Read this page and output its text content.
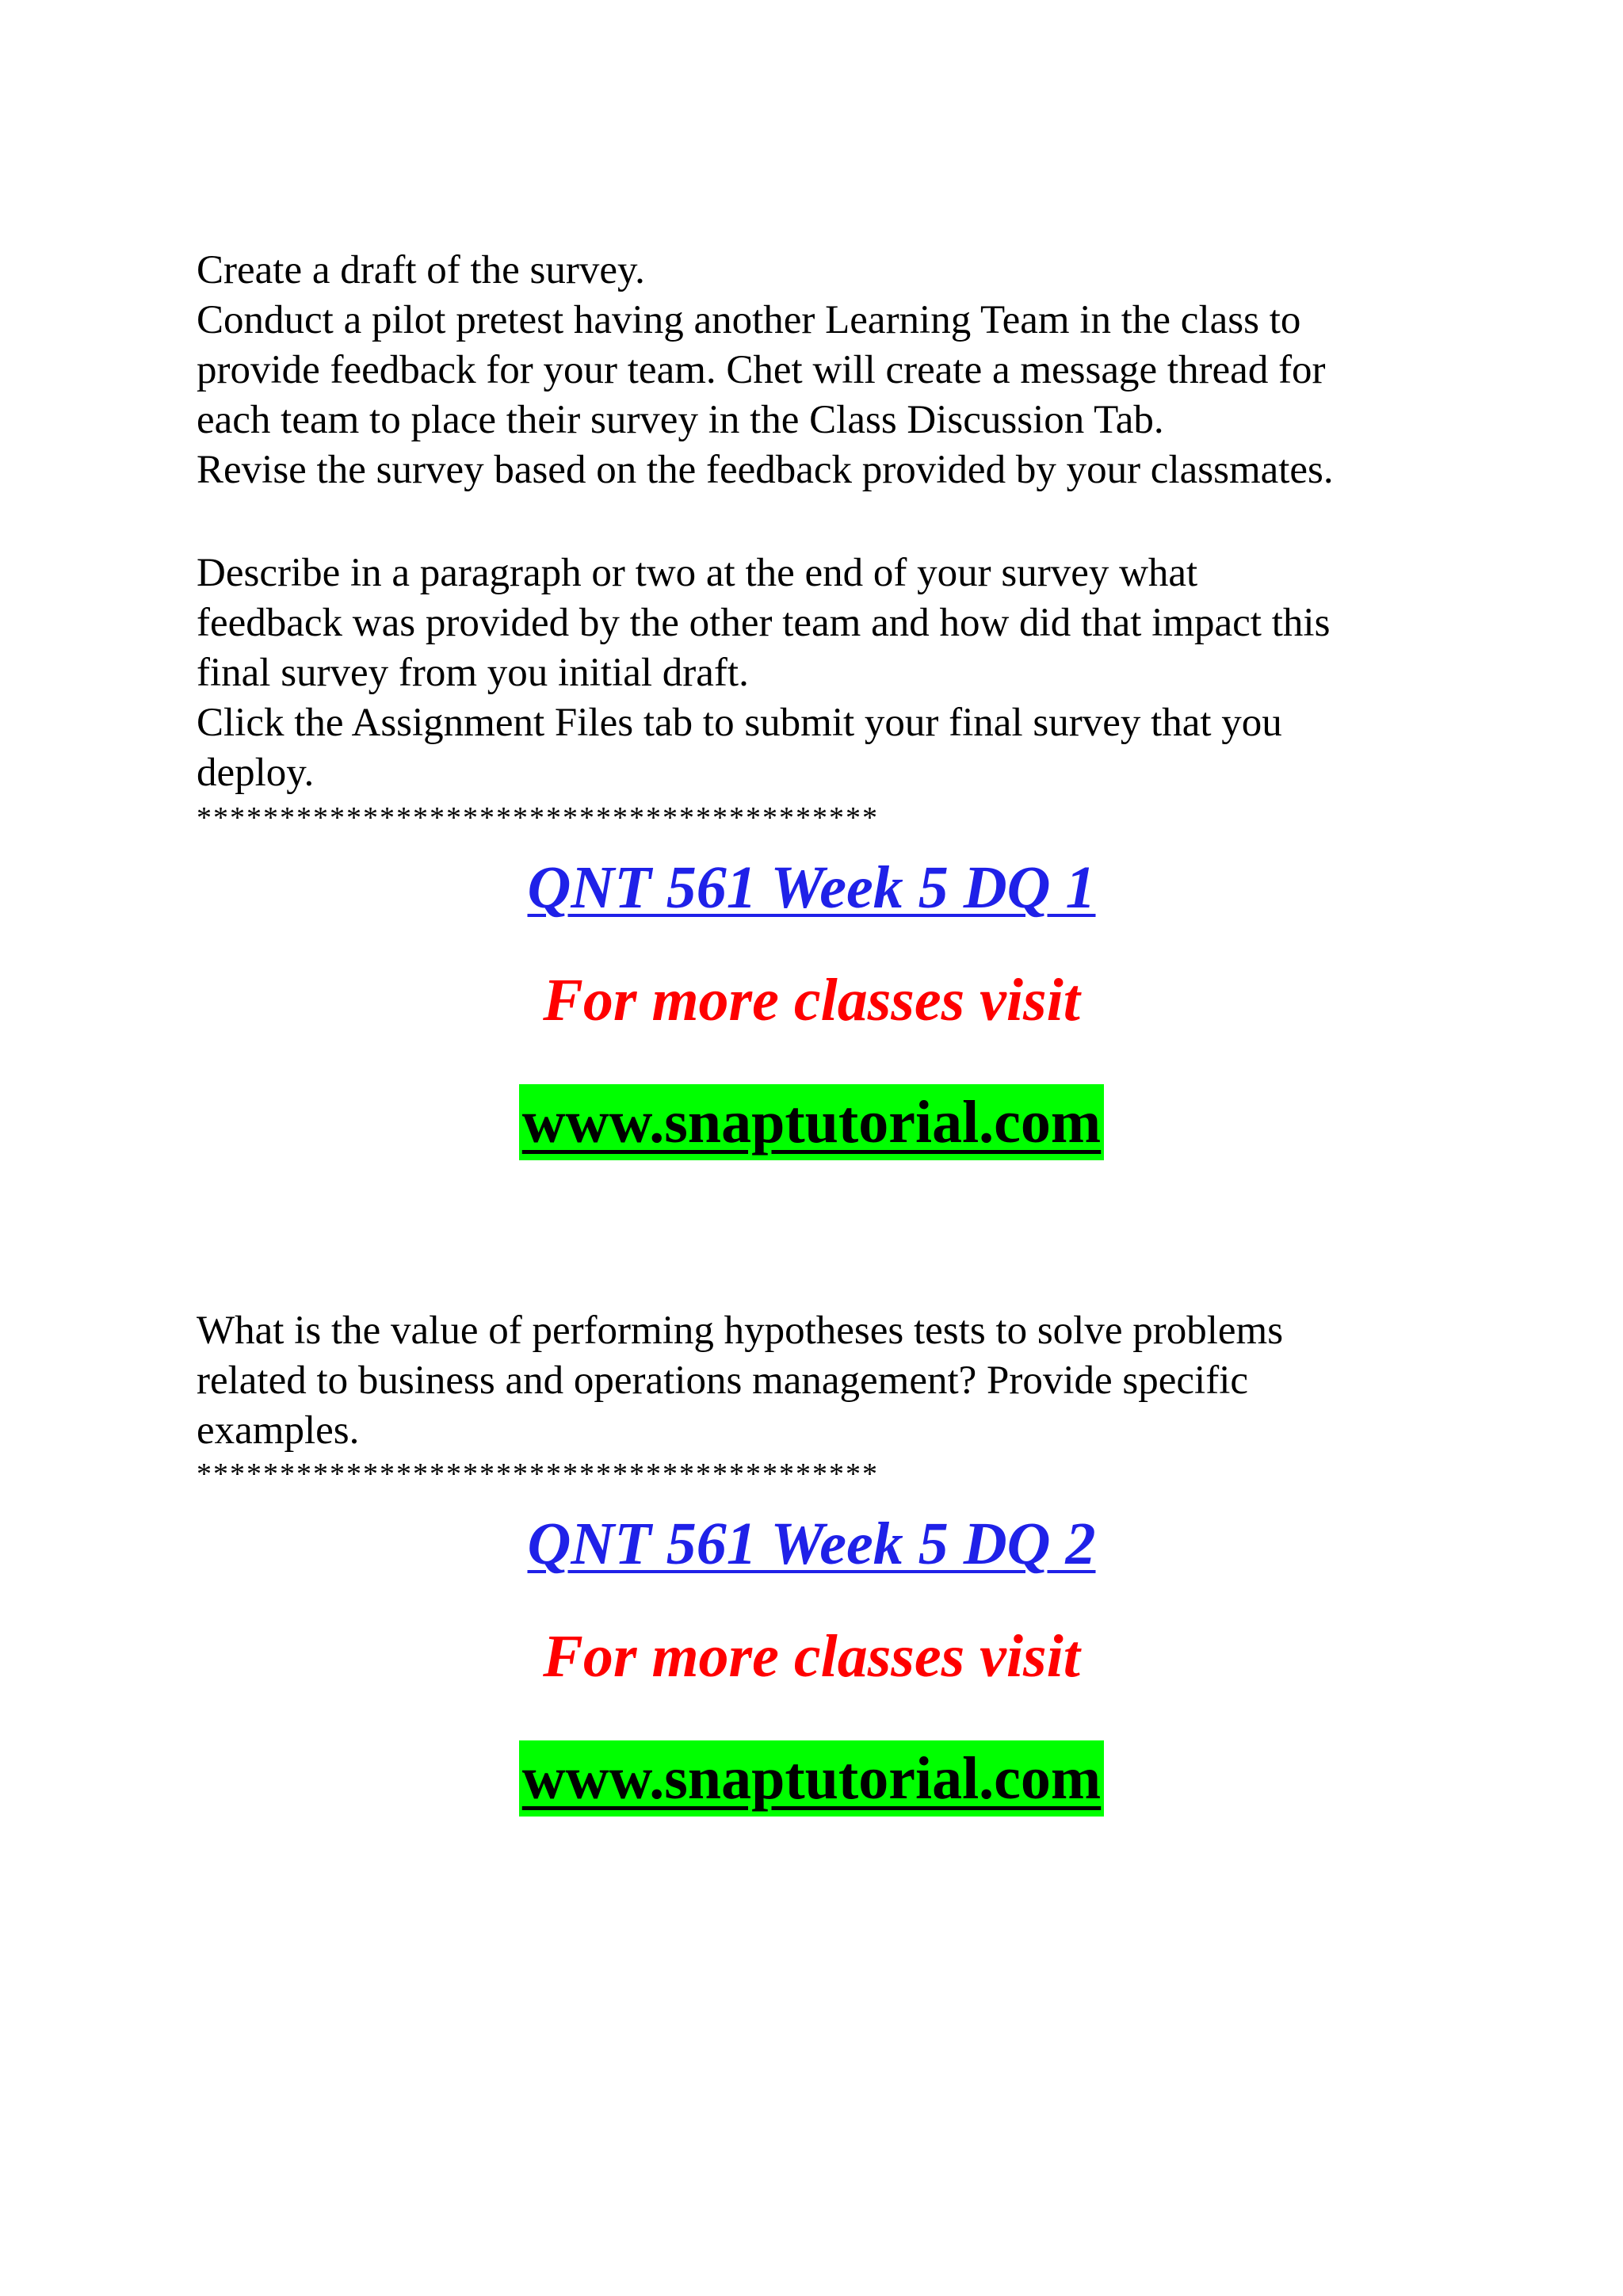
Create a draft of the survey.
Conduct a pilot pretest having another Learning Team in the class to
provide feedback for your team. Chet will create a message thread for
each team to place their survey in the Class Discussion Tab.
Revise the survey based on the feedback provided by your classmates.
Describe in a paragraph or two at the end of your survey what
feedback was provided by the other team and how did that impact this
final survey from you initial draft.
Click the Assignment Files tab to submit your final survey that you
deploy.
*****************************************
QNT 561 Week 5 DQ 1
For more classes visit
www.snaptutorial.com
What is the value of performing hypotheses tests to solve problems
related to business and operations management? Provide specific
examples.
*****************************************
QNT 561 Week 5 DQ 2
For more classes visit
www.snaptutorial.com
